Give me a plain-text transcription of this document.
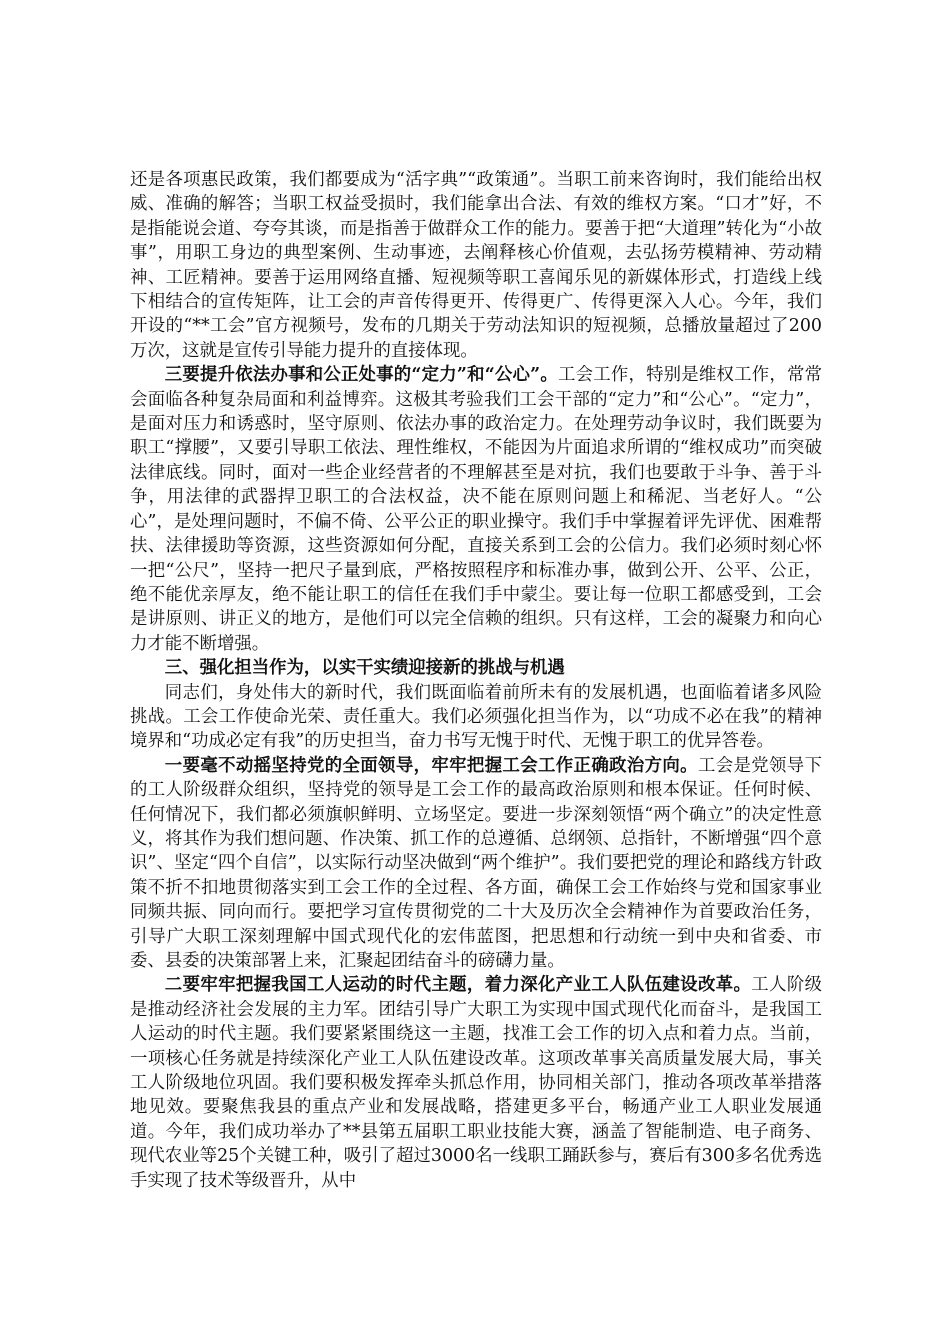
还是各项惠民政策，我们都要成为“活字典”“政策通”。当职工前来咨询时，我们能给出权威、准确的解答；当职工权益受损时，我们能拿出合法、有效的维权方案。“口才”好，不是指能说会道、夸夸其谈，而是指善于做群众工作的能力。要善于把“大道理”转化为“小故事”，用职工身边的典型案例、生动事迹，去阐释核心价值观，去弘扬劳模精神、劳动精神、工匠精神。要善于运用网络直播、短视频等职工喜闻乐见的新媒体形式，打造线上线下相结合的宣传矩阵，让工会的声音传得更开、传得更广、传得更深入人心。今年，我们开设的“**工会”官方视频号，发布的几期关于劳动法知识的短视频，总播放量超过了200万次，这就是宣传引导能力提升的直接体现。

三要提升依法办事和公正处事的“定力”和“公心”。工会工作，特别是维权工作，常常会面临各种复杂局面和利益博弈。这极其考验我们工会干部的“定力”和“公心”。“定力”，是面对压力和诱惑时，坚守原则、依法办事的政治定力。在处理劳动争议时，我们既要为职工“撑腰”，又要引导职工依法、理性维权，不能因为片面追求所谓的“维权成功”而突破法律底线。同时，面对一些企业经营者的不理解甚至是对抗，我们也要敢于斗争、善于斗争，用法律的武器捍卫职工的合法权益，决不能在原则问题上和稀泥、当老好人。“公心”，是处理问题时，不偏不倚、公平公正的职业操守。我们手中掌握着评先评优、困难帮扶、法律援助等资源，这些资源如何分配，直接关系到工会的公信力。我们必须时刻心怀一把“公尺”，坚持一把尺子量到底，严格按照程序和标准办事，做到公开、公平、公正，绝不能优亲厚友，绝不能让职工的信任在我们手中蒙尘。要让每一位职工都感受到，工会是讲原则、讲正义的地方，是他们可以完全信赖的组织。只有这样，工会的凝聚力和向心力才能不断增强。

三、强化担当作为，以实干实绩迎接新的挑战与机遇

同志们，身处伟大的新时代，我们既面临着前所未有的发展机遇，也面临着诸多风险挑战。工会工作使命光荣、责任重大。我们必须强化担当作为，以“功成不必在我”的精神境界和“功成必定有我”的历史担当，奋力书写无愧于时代、无愧于职工的优异答卷。

一要毫不动摇坚持党的全面领导，牢牢把握工会工作正确政治方向。工会是党领导下的工人阶级群众组织，坚持党的领导是工会工作的最高政治原则和根本保证。任何时候、任何情况下，我们都必须旗帜鲜明、立场坚定。要进一步深刻领悟“两个确立”的决定性意义，将其作为我们想问题、作决策、抓工作的总遵循、总纲领、总指针，不断增强“四个意识”、坚定“四个自信”，以实际行动坚决做到“两个维护”。我们要把党的理论和路线方针政策不折不扣地贯彻落实到工会工作的全过程、各方面，确保工会工作始终与党和国家事业同频共振、同向而行。要把学习宣传贯彻党的二十大及历次全会精神作为首要政治任务，引导广大职工深刻理解中国式现代化的宏伟蓝图，把思想和行动统一到中央和省委、市委、县委的决策部署上来，汇聚起团结奋斗的磅礴力量。

二要牢牢把握我国工人运动的时代主题，着力深化产业工人队伍建设改革。工人阶级是推动经济社会发展的主力军。团结引导广大职工为实现中国式现代化而奋斗，是我国工人运动的时代主题。我们要紧紧围绕这一主题，找准工会工作的切入点和着力点。当前，一项核心任务就是持续深化产业工人队伍建设改革。这项改革事关高质量发展大局，事关工人阶级地位巩固。我们要积极发挥牵头抓总作用，协同相关部门，推动各项改革举措落地见效。要聚焦我县的重点产业和发展战略，搭建更多平台，畅通产业工人职业发展通道。今年，我们成功举办了**县第五届职工职业技能大赛，涵盖了智能制造、电子商务、现代农业等25个关键工种，吸引了超过3000名一线职工踊跃参与，赛后有300多名优秀选手实现了技术等级晋升，从中
